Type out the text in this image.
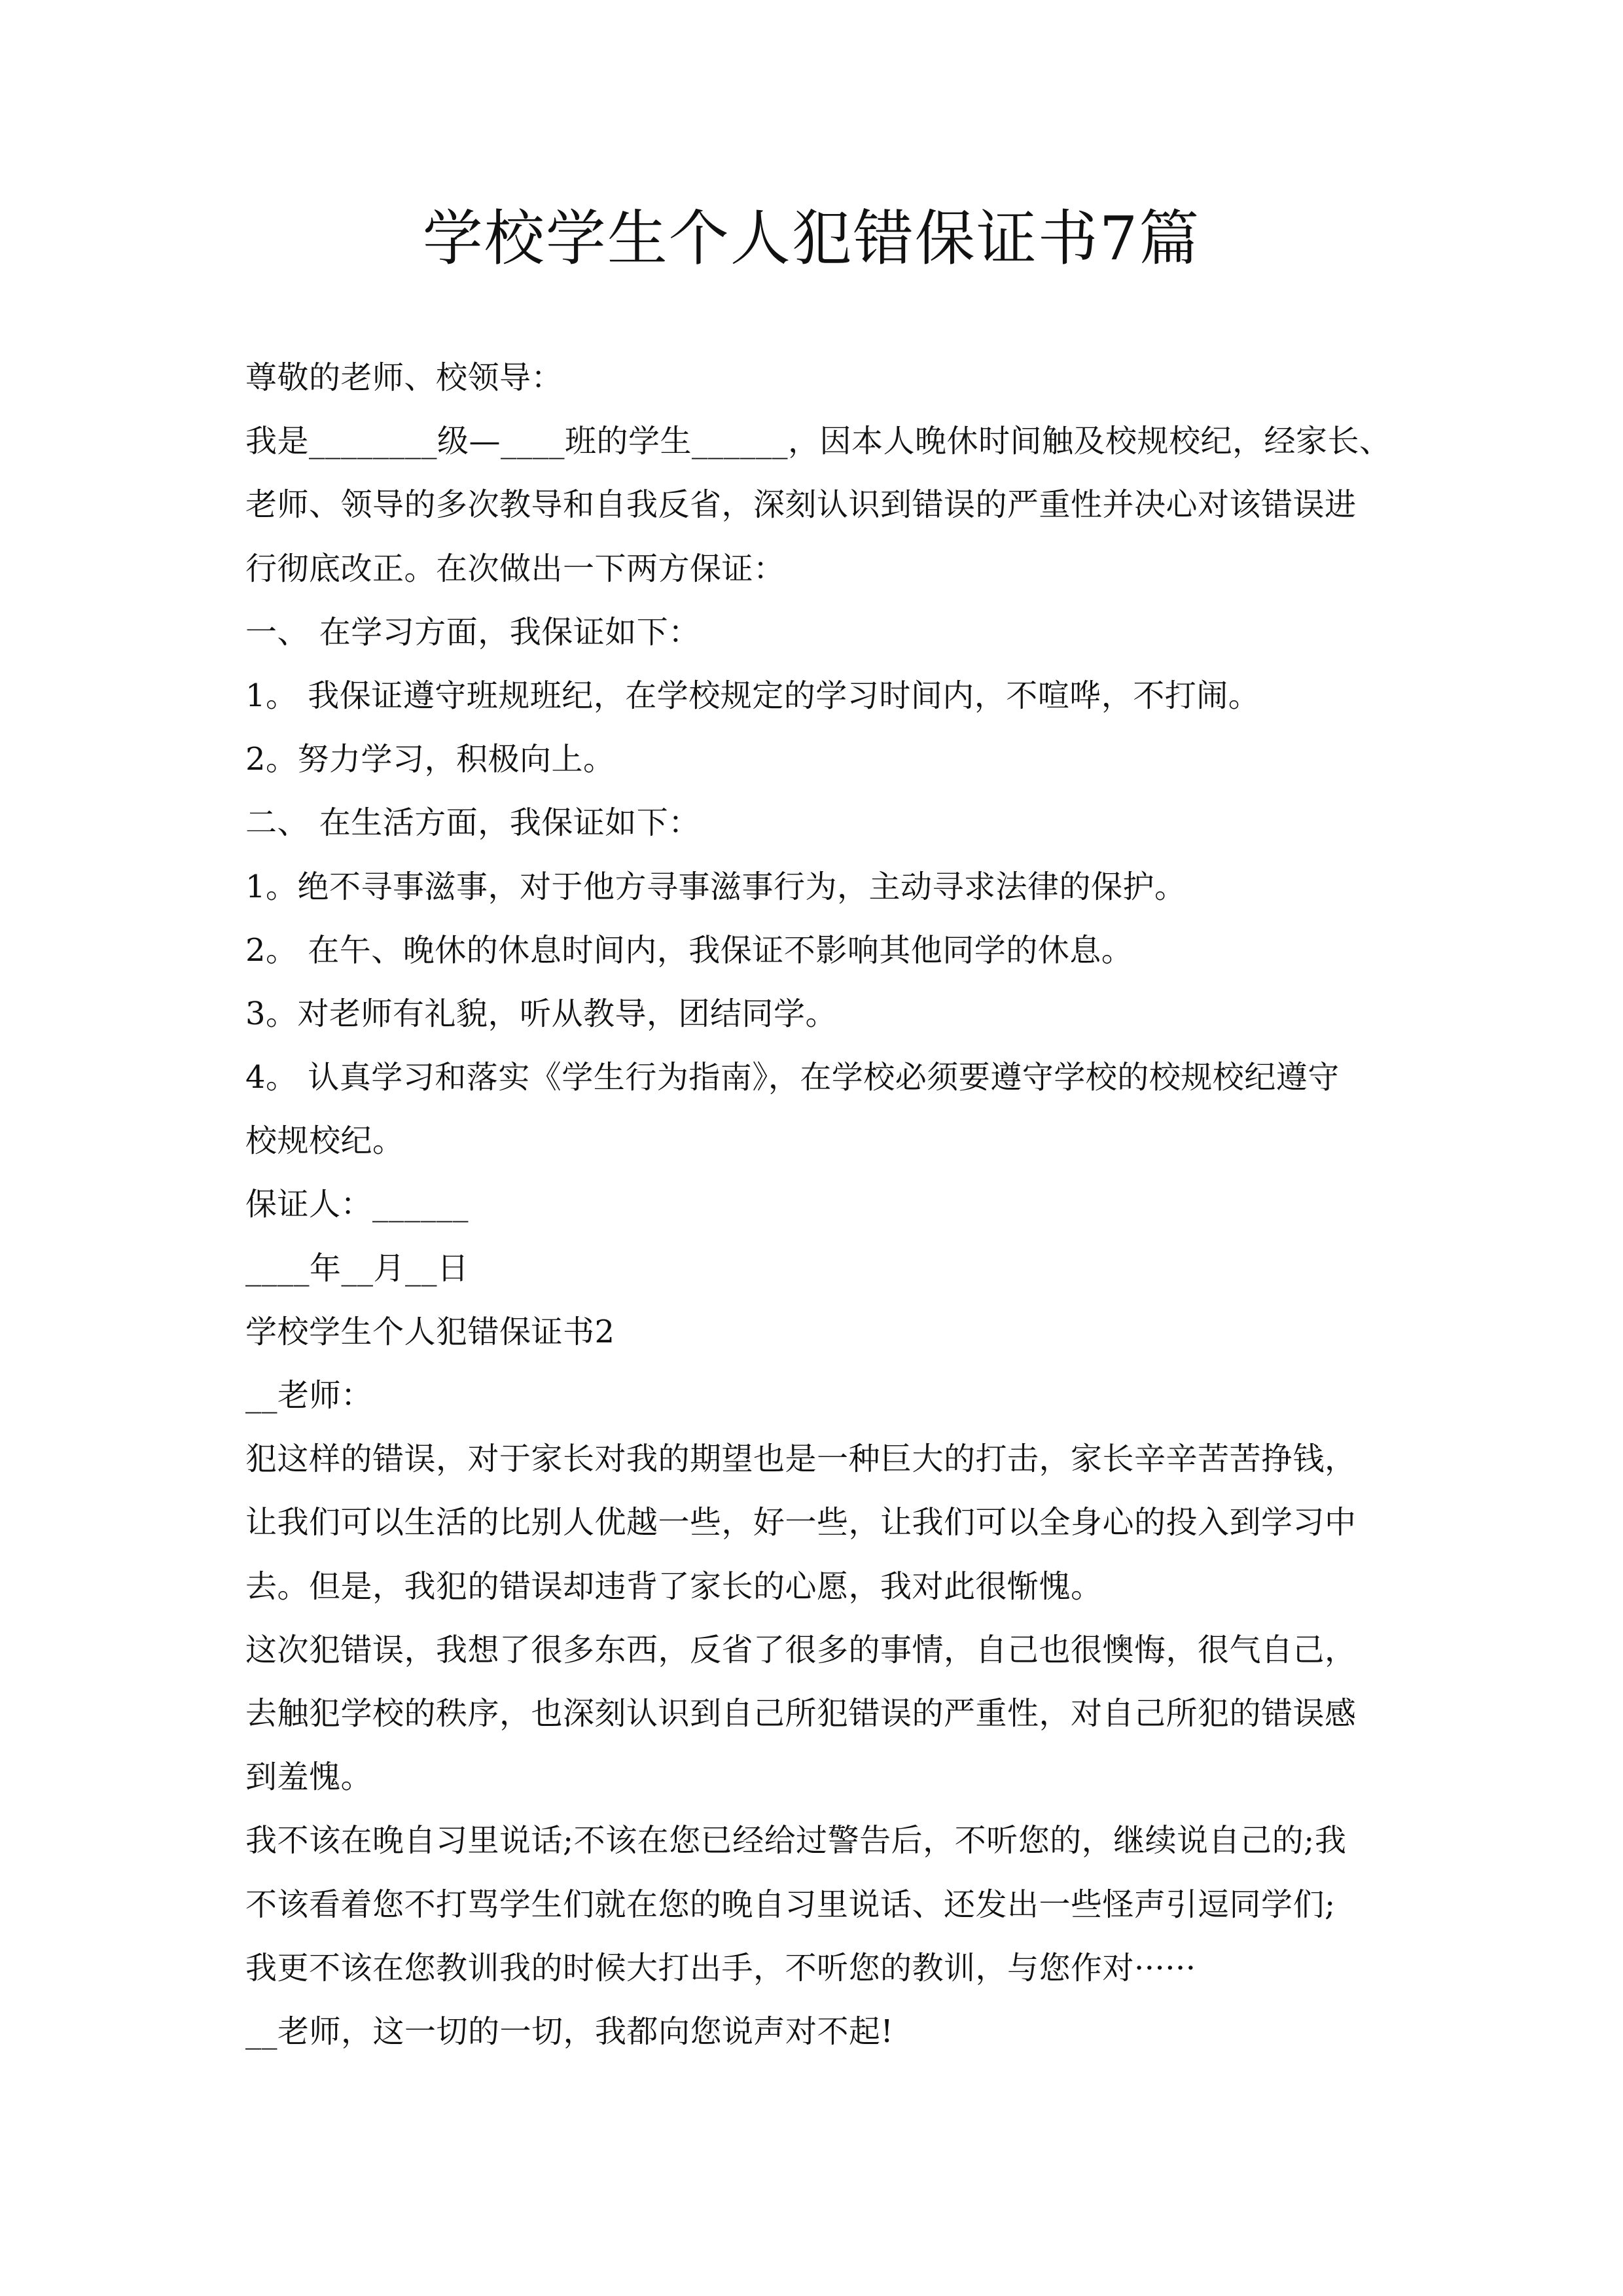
学校学生个人犯错保证书7篇
尊敬的老师、校领导：
我是________级—____班的学生______，因本人晚休时间触及校规校纪，经家长、
老师、领导的多次教导和自我反省，深刻认识到错误的严重性并决心对该错误进
行彻底改正。在次做出一下两方保证：
一、 在学习方面，我保证如下：
1。 我保证遵守班规班纪，在学校规定的学习时间内，不喧哗，不打闹。
2。努力学习，积极向上。
二、 在生活方面，我保证如下：
1。绝不寻事滋事，对于他方寻事滋事行为，主动寻求法律的保护。
2。 在午、晚休的休息时间内，我保证不影响其他同学的休息。
3。对老师有礼貌，听从教导，团结同学。
4。 认真学习和落实《学生行为指南》，在学校必须要遵守学校的校规校纪遵守
校规校纪。
保证人：______
____年__月__日
学校学生个人犯错保证书2
__老师：
犯这样的错误，对于家长对我的期望也是一种巨大的打击，家长辛辛苦苦挣钱，
让我们可以生活的比别人优越一些，好一些，让我们可以全身心的投入到学习中
去。但是，我犯的错误却违背了家长的心愿，我对此很惭愧。
这次犯错误，我想了很多东西，反省了很多的事情，自己也很懊悔，很气自己，
去触犯学校的秩序，也深刻认识到自己所犯错误的严重性，对自己所犯的错误感
到羞愧。
我不该在晚自习里说话;不该在您已经给过警告后，不听您的，继续说自己的;我
不该看着您不打骂学生们就在您的晚自习里说话、还发出一些怪声引逗同学们;
我更不该在您教训我的时候大打出手，不听您的教训，与您作对······
__老师，这一切的一切，我都向您说声对不起!
